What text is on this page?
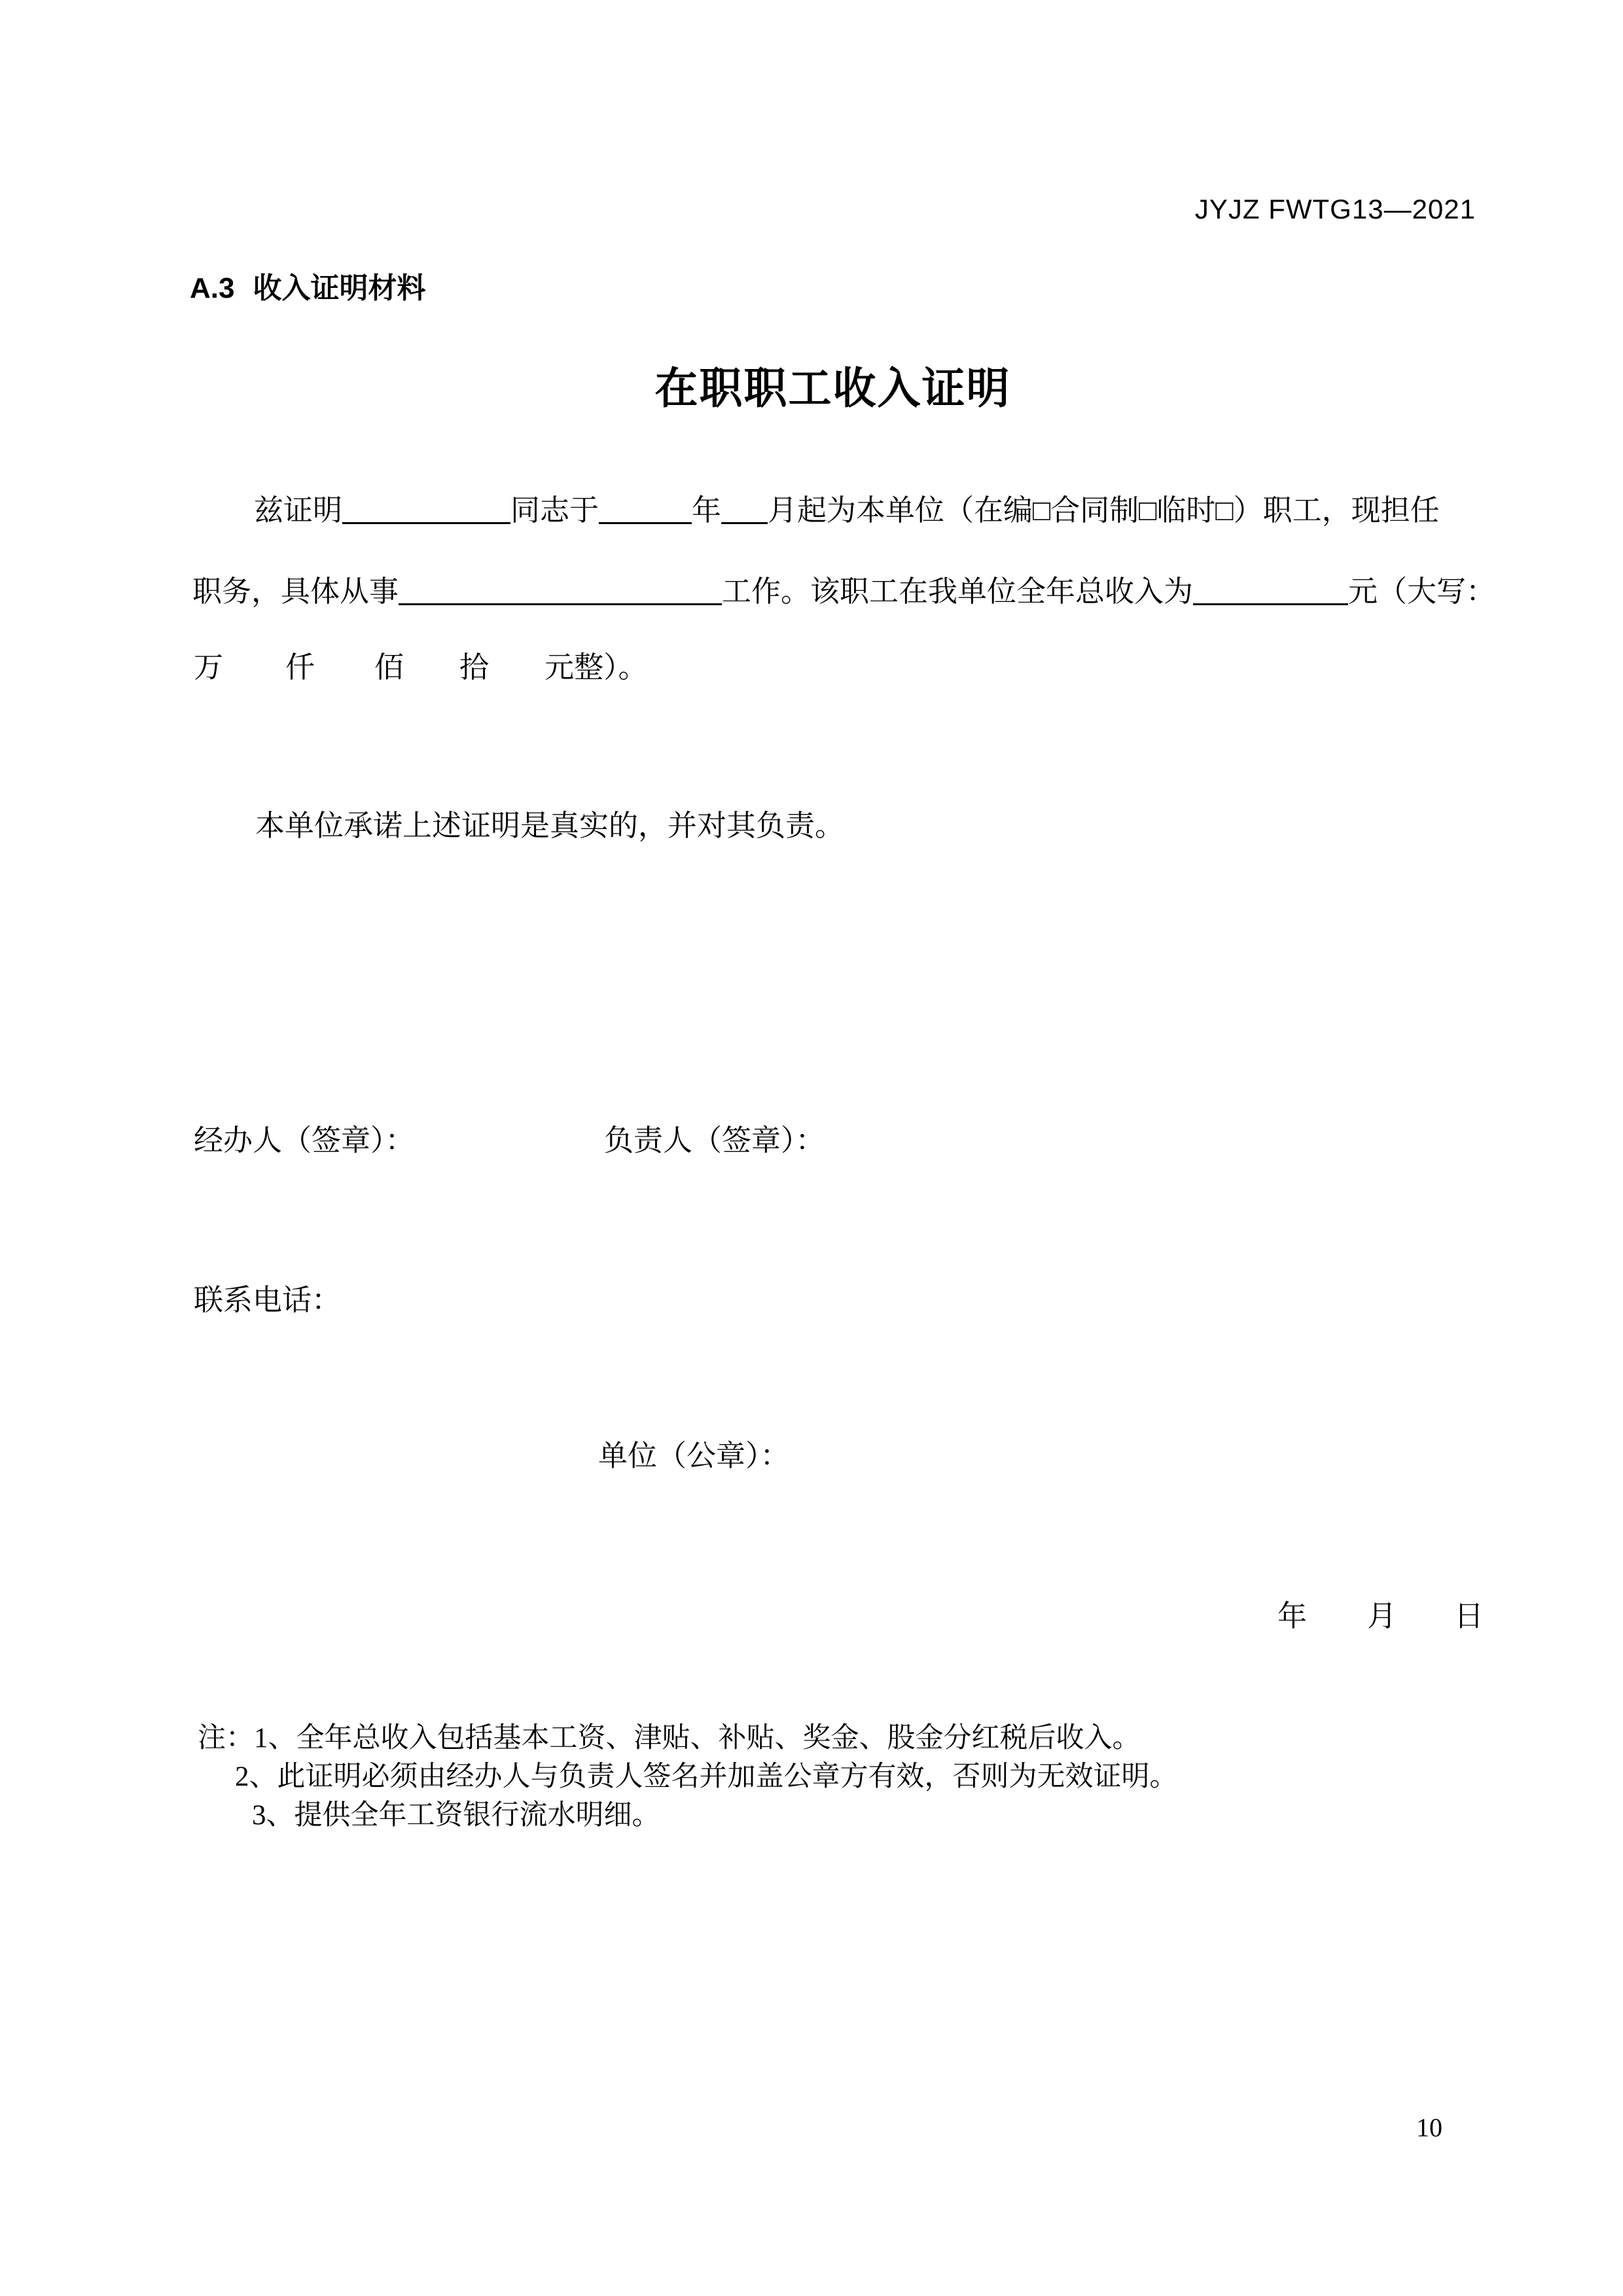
JYJZ FWTG13—2021
A.3 收入证明材料
在职职工收入证明
兹证明	同志于	年 月起为本单位（在编□合同制□临时□）职工，现担任
职务，具体从事	工作。该职工在我单位全年总收入为	元（大写：
万 仟 佰 拾 元整）。
本单位承诺上述证明是真实的，并对其负责。
经办人（签章）：	负责人（签章）：
联系电话：
单位（公章）：
年 月 日
注：1、全年总收入包括基本工资、津贴、补贴、奖金、股金分红税后收入。
2、此证明必须由经办人与负责人签名并加盖公章方有效，否则为无效证明。
3、提供全年工资银行流水明细。
10
